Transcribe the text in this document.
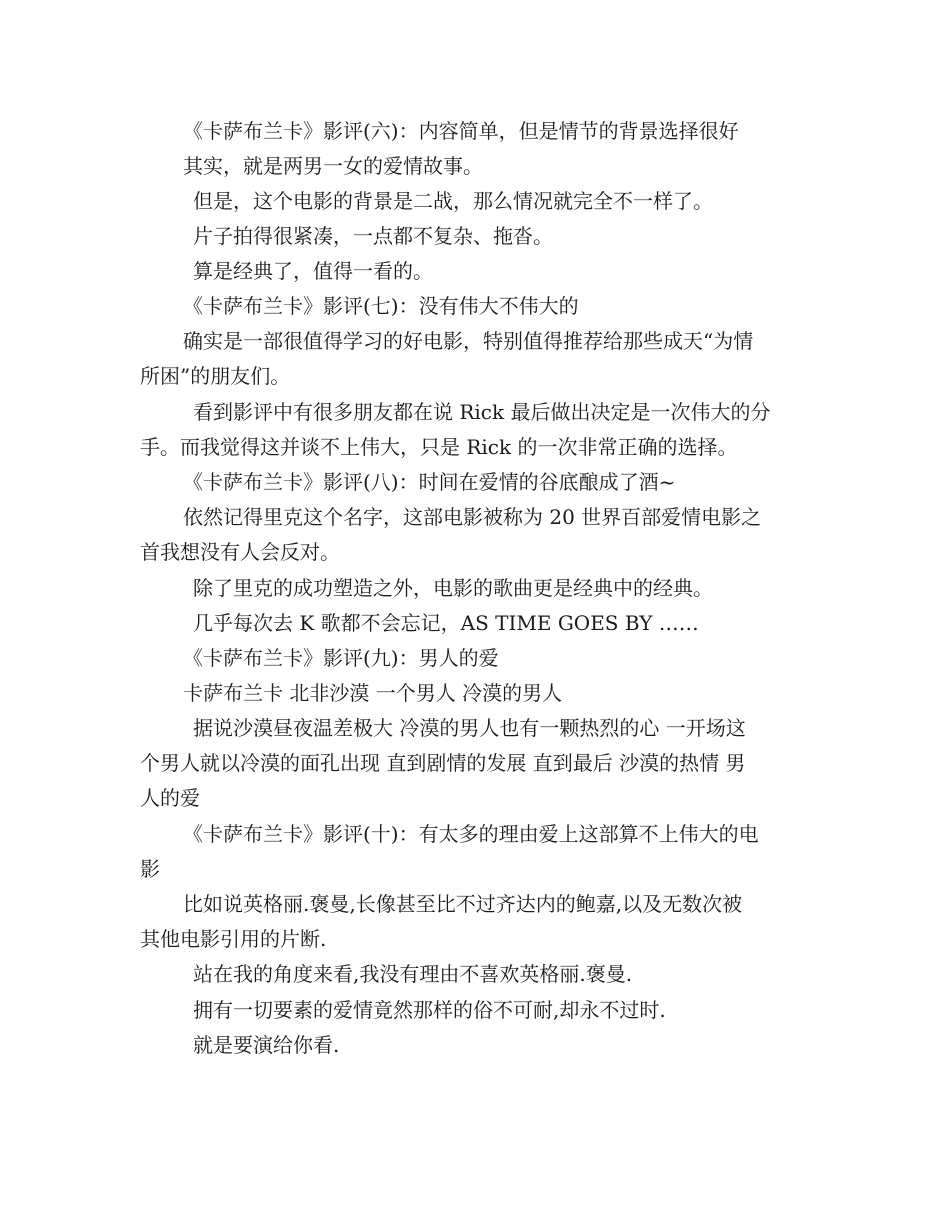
《卡萨布兰卡》影评(六)：内容简单，但是情节的背景选择很好

其实，就是两男一女的爱情故事。

但是，这个电影的背景是二战，那么情况就完全不一样了。

片子拍得很紧凑，一点都不复杂、拖沓。

算是经典了，值得一看的。

《卡萨布兰卡》影评(七)：没有伟大不伟大的

确实是一部很值得学习的好电影，特别值得推荐给那些成天“为情

所困”的朋友们。

看到影评中有很多朋友都在说 Rick 最后做出决定是一次伟大的分

手。而我觉得这并谈不上伟大，只是 Rick 的一次非常正确的选择。

《卡萨布兰卡》影评(八)：时间在爱情的谷底酿成了酒~

依然记得里克这个名字，这部电影被称为 20 世界百部爱情电影之

首我想没有人会反对。

除了里克的成功塑造之外，电影的歌曲更是经典中的经典。

几乎每次去 K 歌都不会忘记，AS TIME GOES BY ……

《卡萨布兰卡》影评(九)：男人的爱

卡萨布兰卡 北非沙漠 一个男人 冷漠的男人

据说沙漠昼夜温差极大 冷漠的男人也有一颗热烈的心 一开场这

个男人就以冷漠的面孔出现 直到剧情的发展 直到最后 沙漠的热情 男

人的爱

《卡萨布兰卡》影评(十)：有太多的理由爱上这部算不上伟大的电

影

比如说英格丽.褒曼,长像甚至比不过齐达内的鲍嘉,以及无数次被

其他电影引用的片断.

站在我的角度来看,我没有理由不喜欢英格丽.褒曼.

拥有一切要素的爱情竟然那样的俗不可耐,却永不过时.

就是要演给你看.
